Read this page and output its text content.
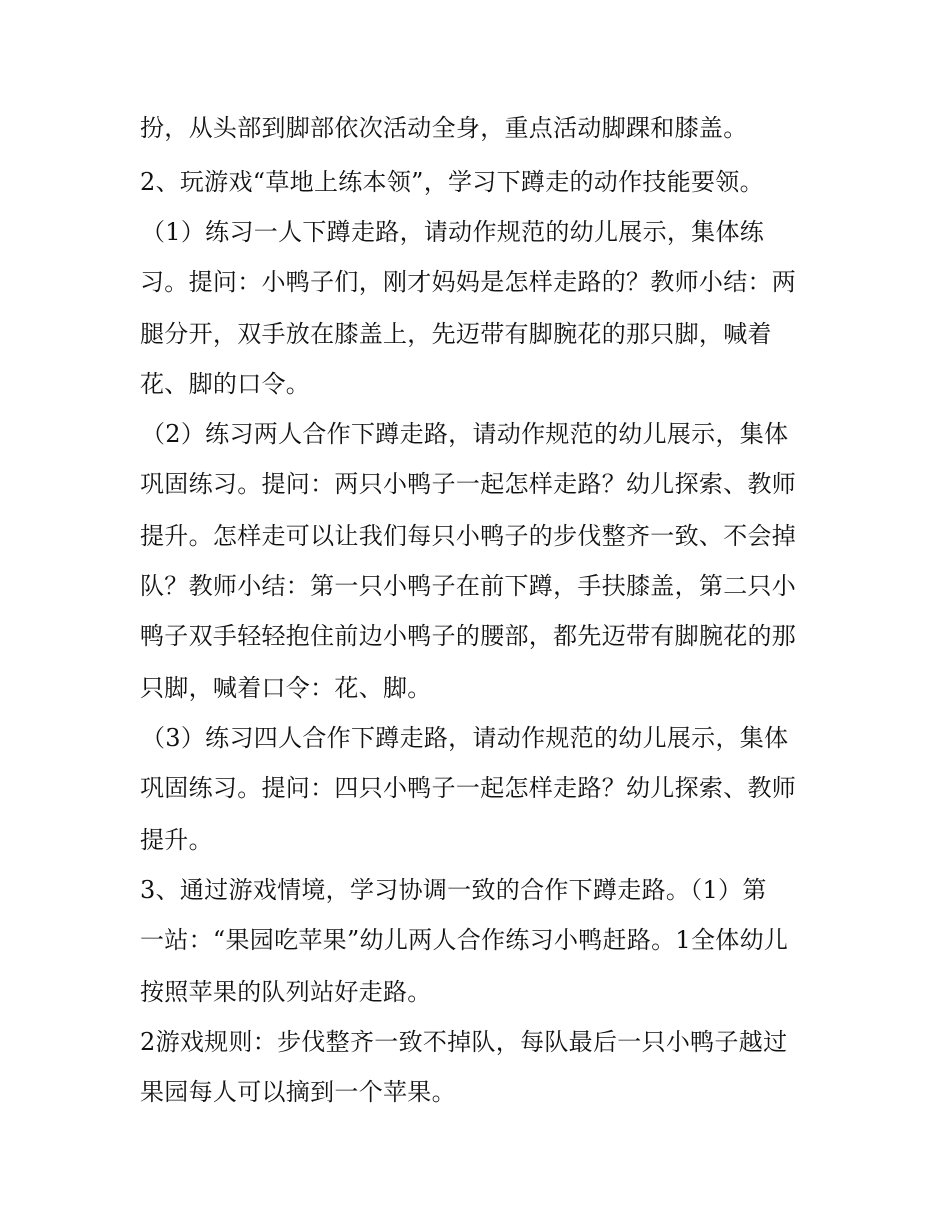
扮，从头部到脚部依次活动全身，重点活动脚踝和膝盖。
2、玩游戏“草地上练本领”，学习下蹲走的动作技能要领。
（1）练习一人下蹲走路，请动作规范的幼儿展示，集体练
习。提问：小鸭子们，刚才妈妈是怎样走路的？教师小结：两
腿分开，双手放在膝盖上，先迈带有脚腕花的那只脚，喊着
花、脚的口令。
（2）练习两人合作下蹲走路，请动作规范的幼儿展示，集体
巩固练习。提问：两只小鸭子一起怎样走路？幼儿探索、教师
提升。怎样走可以让我们每只小鸭子的步伐整齐一致、不会掉
队？教师小结：第一只小鸭子在前下蹲，手扶膝盖，第二只小
鸭子双手轻轻抱住前边小鸭子的腰部，都先迈带有脚腕花的那
只脚，喊着口令：花、脚。
（3）练习四人合作下蹲走路，请动作规范的幼儿展示，集体
巩固练习。提问：四只小鸭子一起怎样走路？幼儿探索、教师
提升。
3、通过游戏情境，学习协调一致的合作下蹲走路。（1）第
一站：“果园吃苹果”幼儿两人合作练习小鸭赶路。1全体幼儿
按照苹果的队列站好走路。
2游戏规则：步伐整齐一致不掉队，每队最后一只小鸭子越过
果园每人可以摘到一个苹果。
